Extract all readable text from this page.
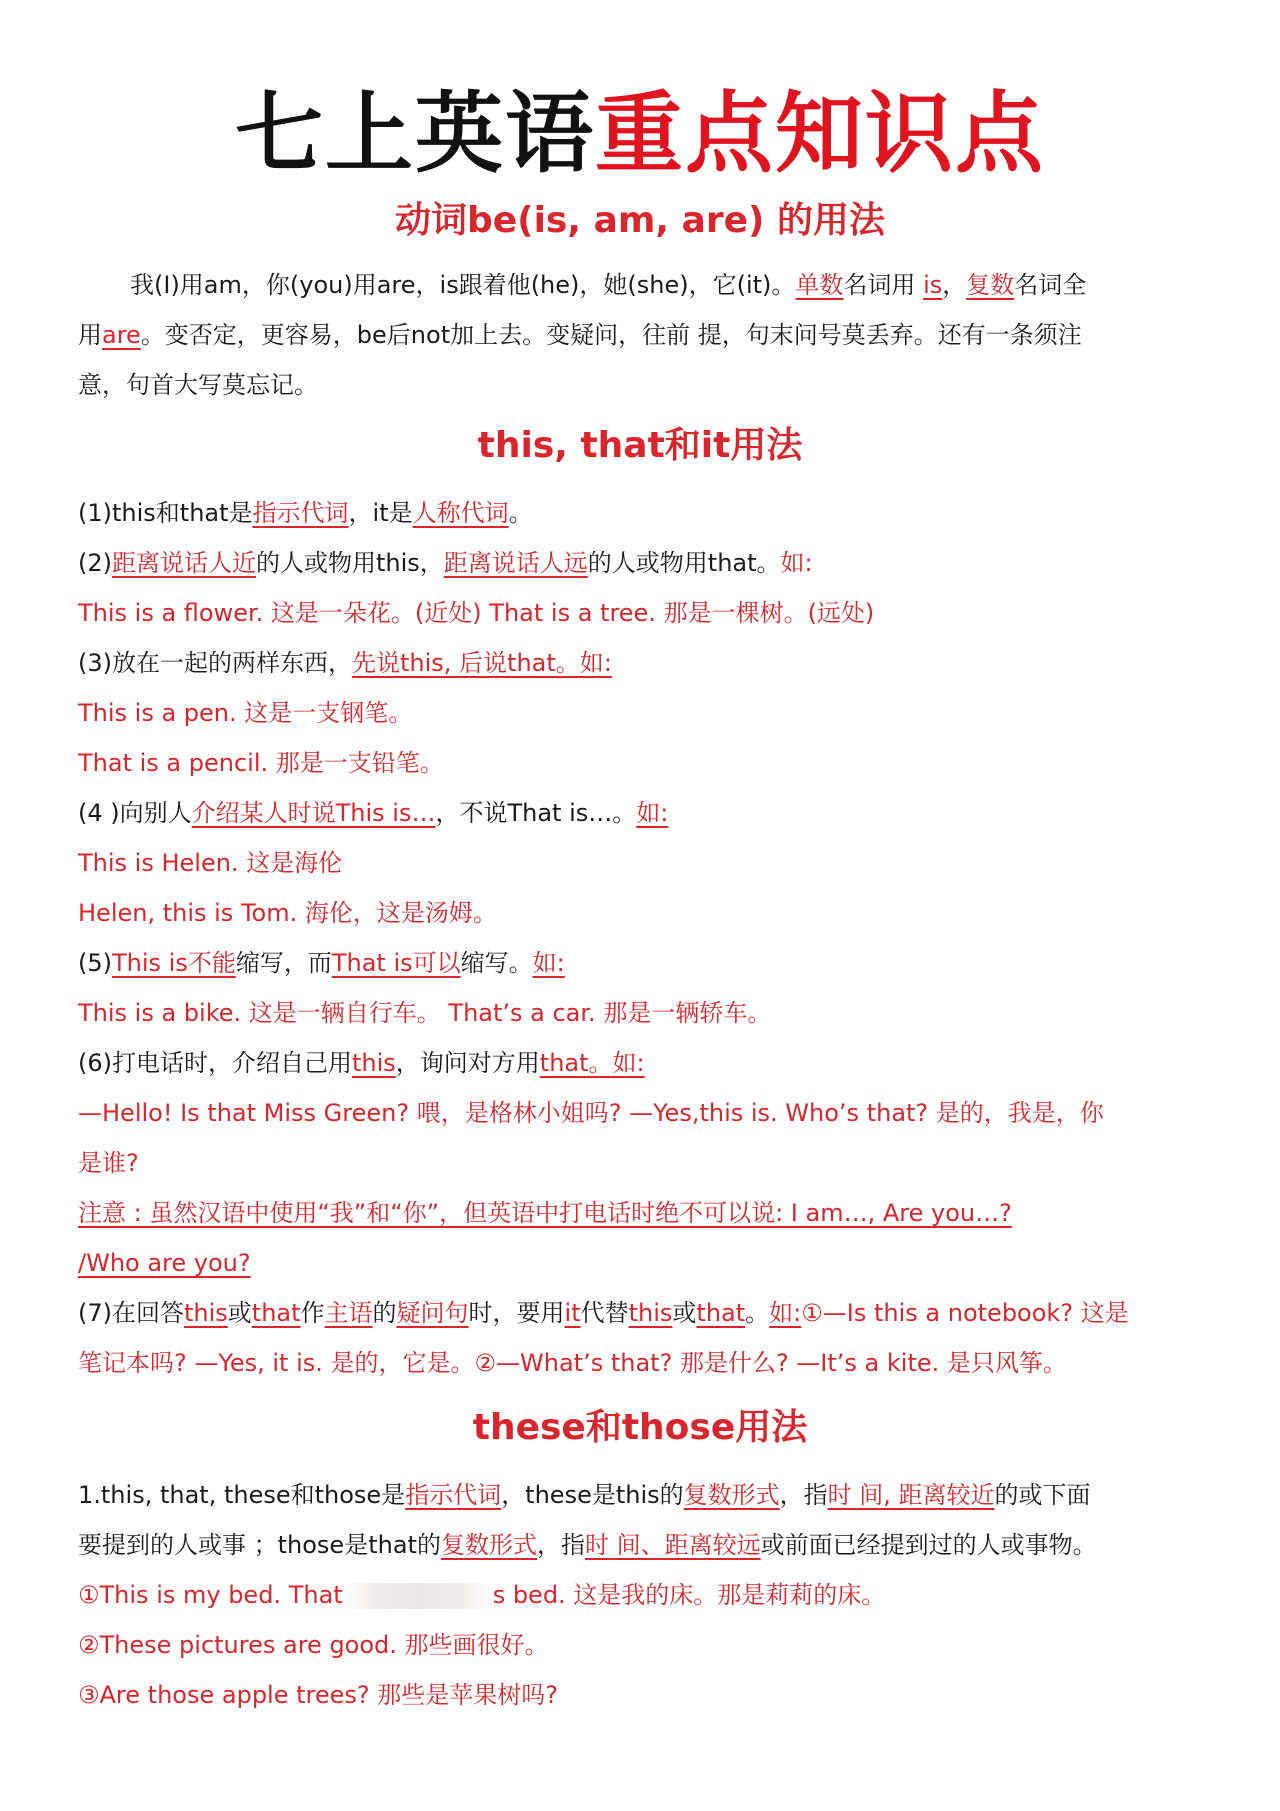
七上英语重点知识点
动词be(is, am, are) 的用法
我(I)用am，你(you)用are，is跟着他(he)，她(she)，它(it)。单数名词用 is，复数名词全
用are。变否定，更容易，be后not加上去。变疑问，往前 提，句末问号莫丢弃。还有一条须注
意，句首大写莫忘记。
this, that和it用法
(1)this和that是指示代词，it是人称代词。
(2)距离说话人近的人或物用this，距离说话人远的人或物用that。如:
This is a flower. 这是一朵花。(近处) That is a tree. 那是一棵树。(远处)
(3)放在一起的两样东西，先说this, 后说that。如:
This is a pen. 这是一支钢笔。
That is a pencil. 那是一支铅笔。
(4 )向别人介绍某人时说This is…，不说That is…。如:
This is Helen. 这是海伦
Helen, this is Tom. 海伦，这是汤姆。
(5)This is不能缩写，而That is可以缩写。如:
This is a bike. 这是一辆自行车。 That’s a car. 那是一辆轿车。
(6)打电话时，介绍自己用this，询问对方用that。如:
—Hello! Is that Miss Green? 喂，是格林小姐吗? —Yes,this is. Who’s that? 是的，我是，你
是谁?
注意 : 虽然汉语中使用“我”和“你”，但英语中打电话时绝不可以说: I am…, Are you…?
/Who are you?
(7)在回答this或that作主语的疑问句时，要用it代替this或that。如:①—Is this a notebook? 这是
笔记本吗? —Yes, it is. 是的，它是。②—What’s that? 那是什么? —It’s a kite. 是只风筝。
these和those用法
1.this, that, these和those是指示代词，these是this的复数形式，指时 间, 距离较近的或下面
要提到的人或事 ；those是that的复数形式，指时 间、距离较远或前面已经提到过的人或事物。
①This is my bed. That	s bed. 这是我的床。那是莉莉的床。
②These pictures are good. 那些画很好。
③Are those apple trees? 那些是苹果树吗?
